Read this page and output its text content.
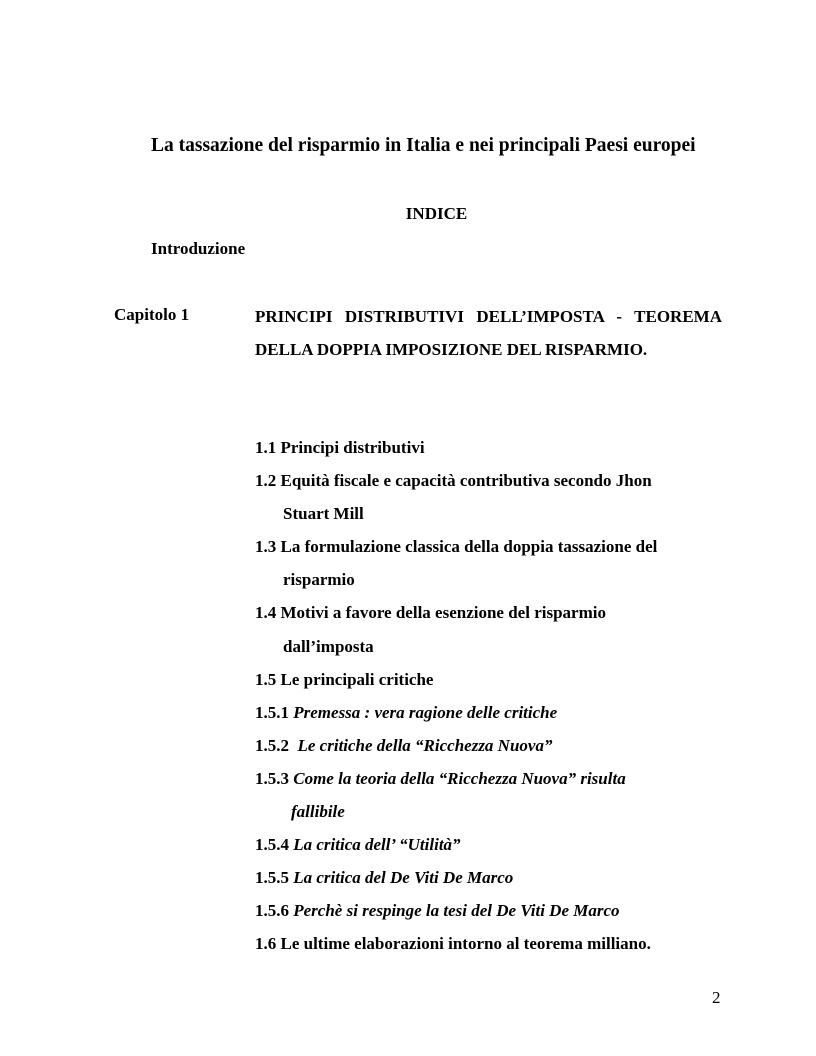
La tassazione del risparmio in Italia e nei principali Paesi europei

INDICE

Introduzione

Capitolo 1	PRINCIPI DISTRIBUTIVI DELL’IMPOSTA - TEOREMA DELLA DOPPIA IMPOSIZIONE DEL RISPARMIO.

1.1 Principi distributivi
1.2 Equità fiscale e capacità contributiva secondo Jhon
Stuart Mill
1.3 La formulazione classica della doppia tassazione del
risparmio
1.4 Motivi a favore della esenzione del risparmio
dall’imposta
1.5 Le principali critiche
1.5.1 Premessa : vera ragione delle critiche
1.5.2 Le critiche della “Ricchezza Nuova”
1.5.3 Come la teoria della “Ricchezza Nuova” risulta
fallibile
1.5.4 La critica dell’ “Utilità”
1.5.5 La critica del De Viti De Marco
1.5.6 Perchè si respinge la tesi del De Viti De Marco
1.6 Le ultime elaborazioni intorno al teorema milliano.
2
